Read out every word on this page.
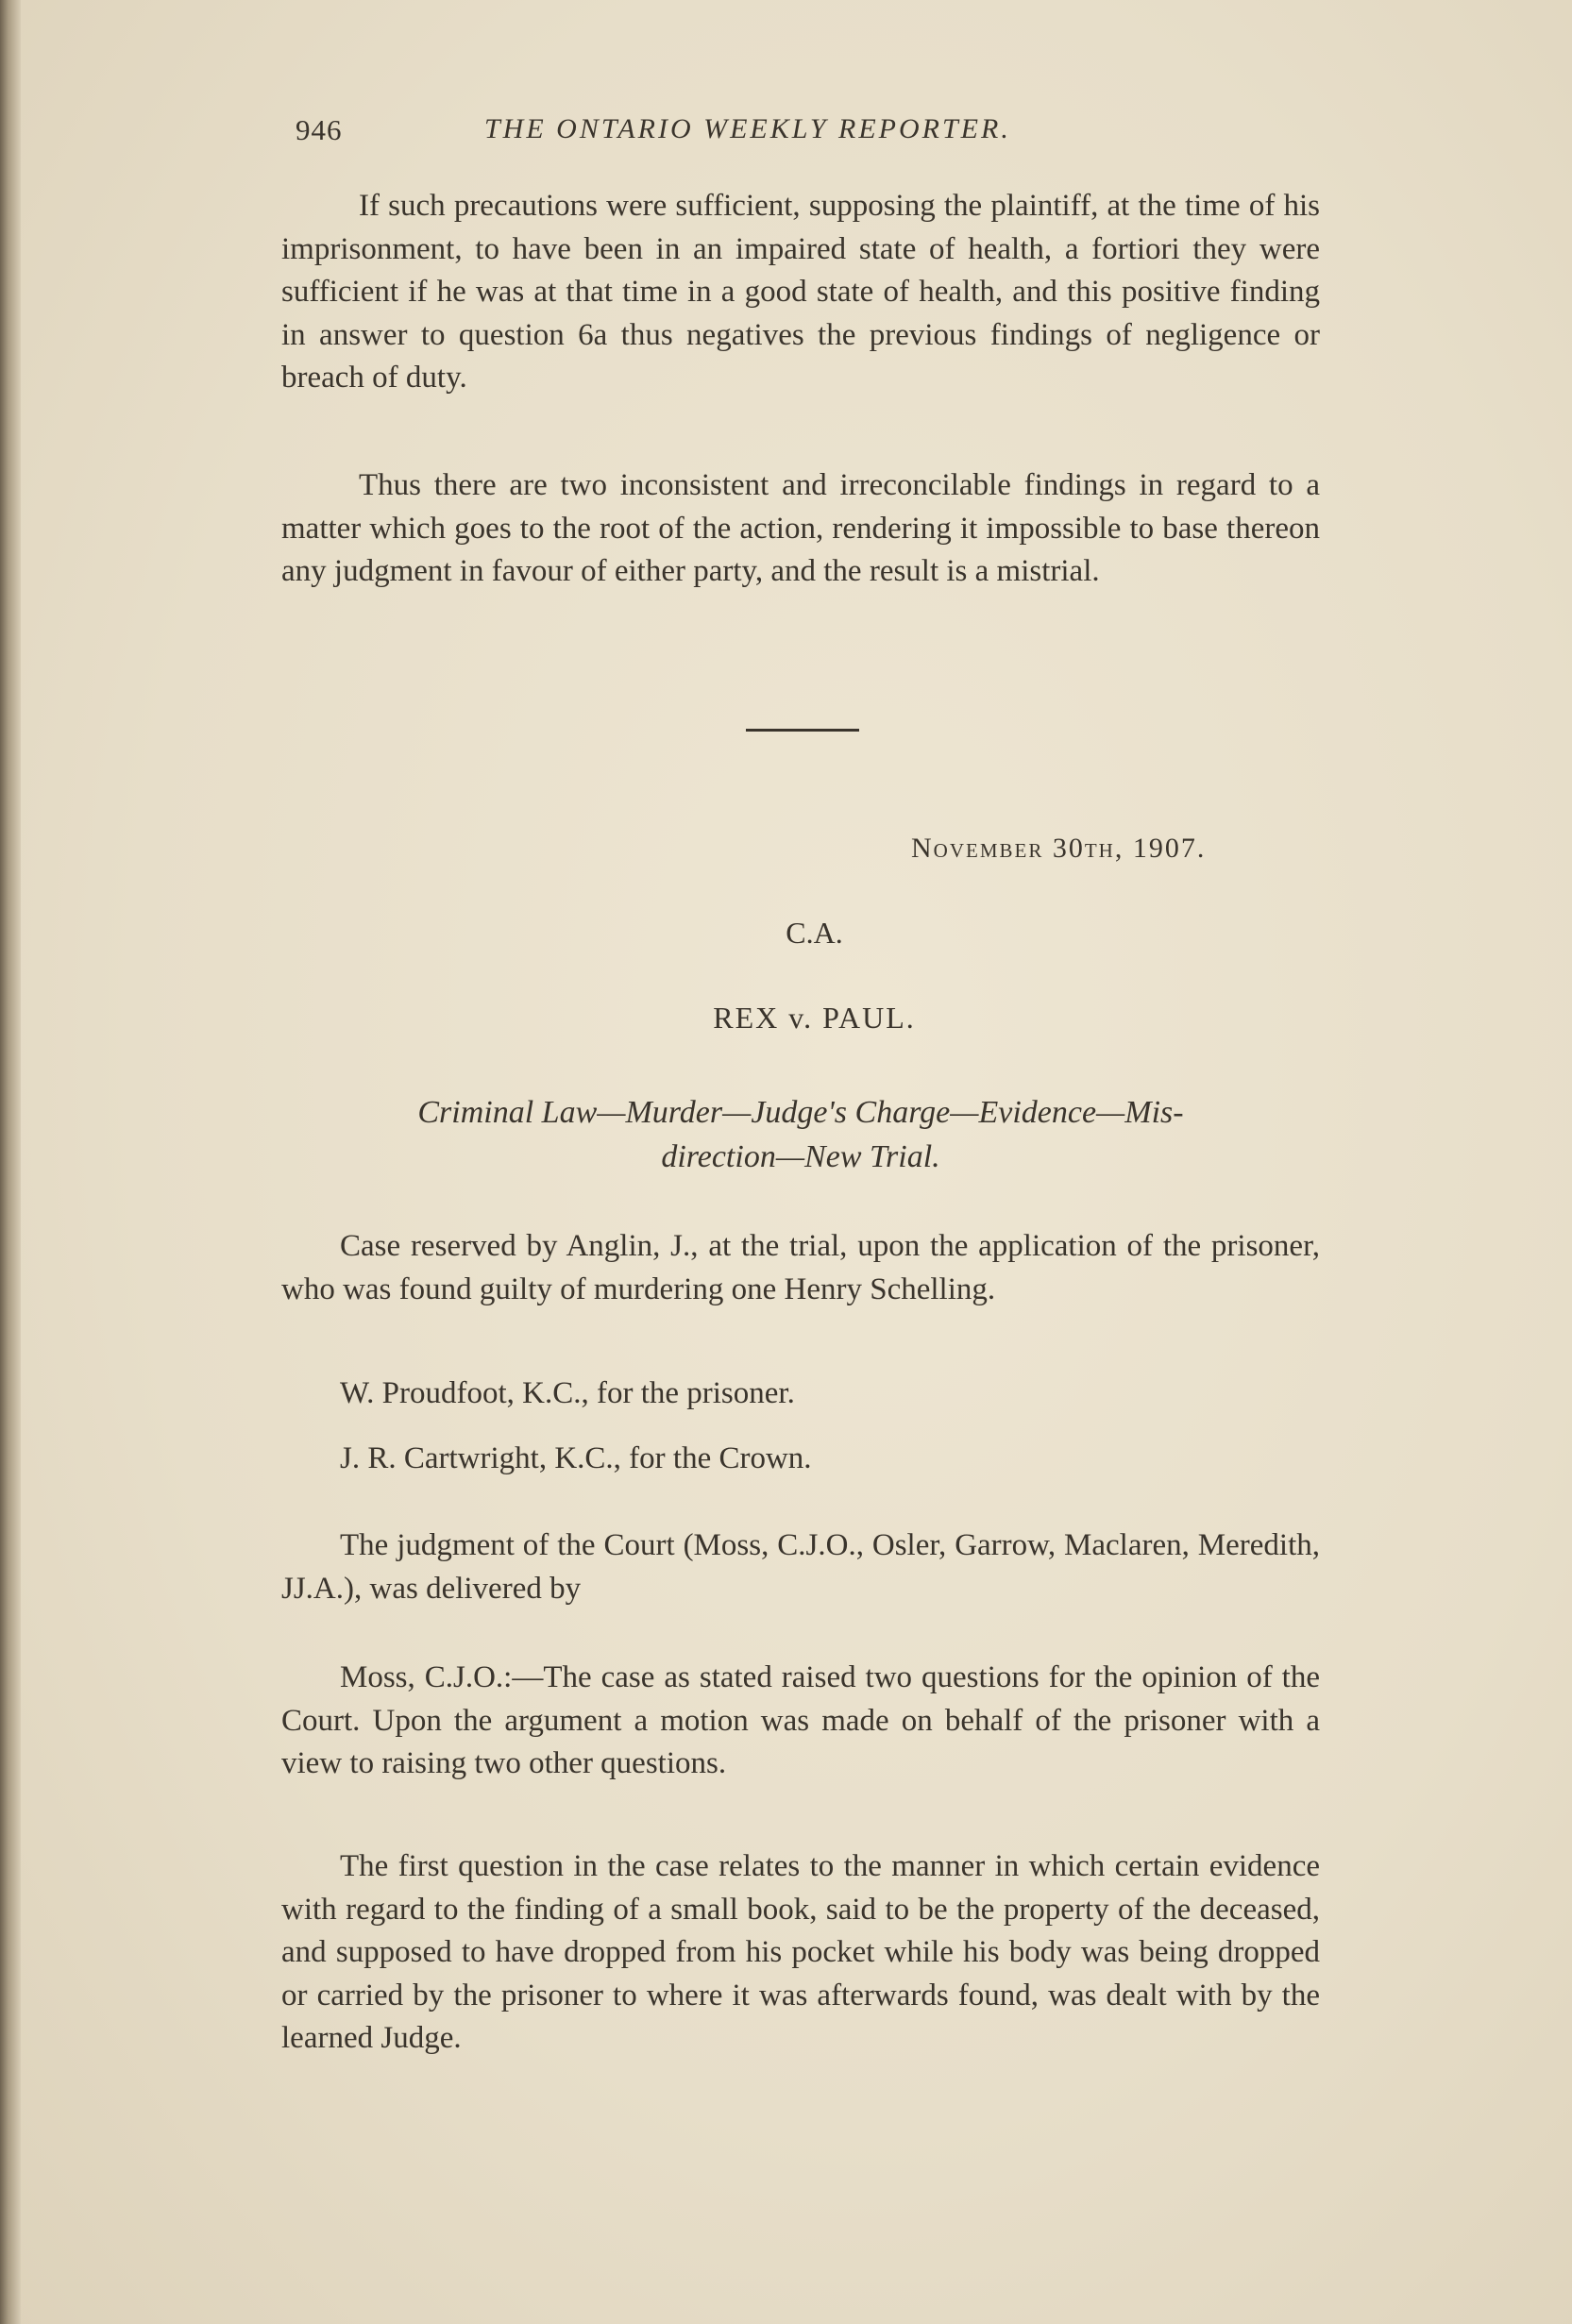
946	THE ONTARIO WEEKLY REPORTER.
If such precautions were sufficient, supposing the plaintiff, at the time of his imprisonment, to have been in an impaired state of health, a fortiori they were sufficient if he was at that time in a good state of health, and this positive finding in answer to question 6a thus negatives the previous findings of negligence or breach of duty.
Thus there are two inconsistent and irreconcilable findings in regard to a matter which goes to the root of the action, rendering it impossible to base thereon any judgment in favour of either party, and the result is a mistrial.
November 30th, 1907.
C.A.
REX v. PAUL.
Criminal Law—Murder—Judge's Charge—Evidence—Mis-
direction—New Trial.
Case reserved by Anglin, J., at the trial, upon the application of the prisoner, who was found guilty of murdering one Henry Schelling.
W. Proudfoot, K.C., for the prisoner.
J. R. Cartwright, K.C., for the Crown.
The judgment of the Court (Moss, C.J.O., Osler, Garrow, Maclaren, Meredith, JJ.A.), was delivered by
Moss, C.J.O.:—The case as stated raised two questions for the opinion of the Court. Upon the argument a motion was made on behalf of the prisoner with a view to raising two other questions.
The first question in the case relates to the manner in which certain evidence with regard to the finding of a small book, said to be the property of the deceased, and supposed to have dropped from his pocket while his body was being dropped or carried by the prisoner to where it was afterwards found, was dealt with by the learned Judge.
